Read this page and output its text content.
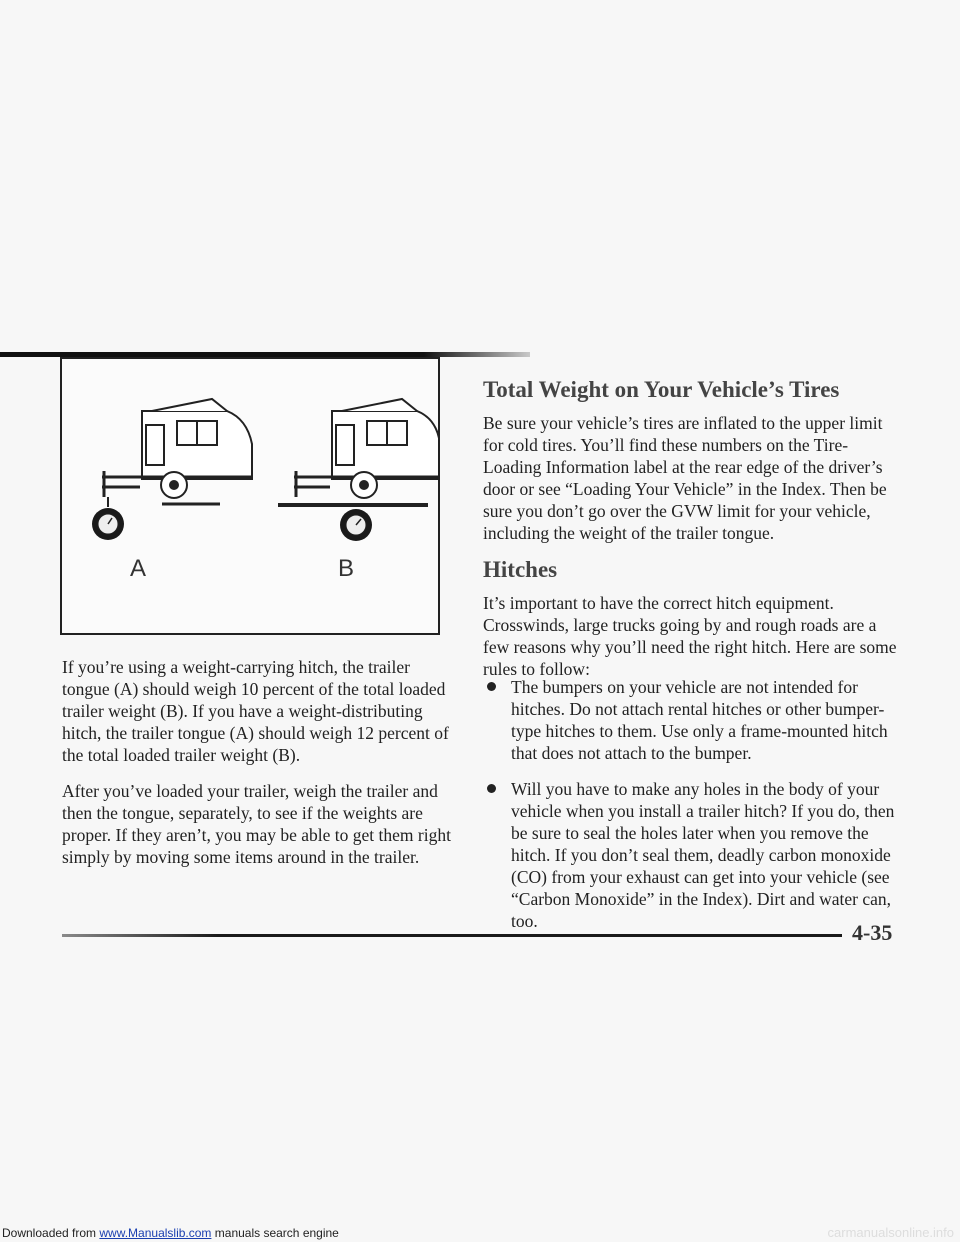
A	B

If you’re using a weight-carrying hitch, the trailer tongue (A) should weigh 10 percent of the total loaded trailer weight (B). If you have a weight-distributing hitch, the trailer tongue (A) should weigh 12 percent of the total loaded trailer weight (B).

After you’ve loaded your trailer, weigh the trailer and then the tongue, separately, to see if the weights are proper. If they aren’t, you may be able to get them right simply by moving some items around in the trailer.

Total Weight on Your Vehicle’s Tires

Be sure your vehicle’s tires are inflated to the upper limit for cold tires. You’ll find these numbers on the Tire-Loading Information label at the rear edge of the driver’s door or see “Loading Your Vehicle” in the Index. Then be sure you don’t go over the GVW limit for your vehicle, including the weight of the trailer tongue.

Hitches

It’s important to have the correct hitch equipment. Crosswinds, large trucks going by and rough roads are a few reasons why you’ll need the right hitch. Here are some rules to follow:

The bumpers on your vehicle are not intended for hitches. Do not attach rental hitches or other bumper-type hitches to them. Use only a frame-mounted hitch that does not attach to the bumper.
Will you have to make any holes in the body of your vehicle when you install a trailer hitch? If you do, then be sure to seal the holes later when you remove the hitch. If you don’t seal them, deadly carbon monoxide (CO) from your exhaust can get into your vehicle (see “Carbon Monoxide” in the Index). Dirt and water can, too.	4-35
Downloaded from www.Manualslib.com manuals search engine	carmanualsonline.info
